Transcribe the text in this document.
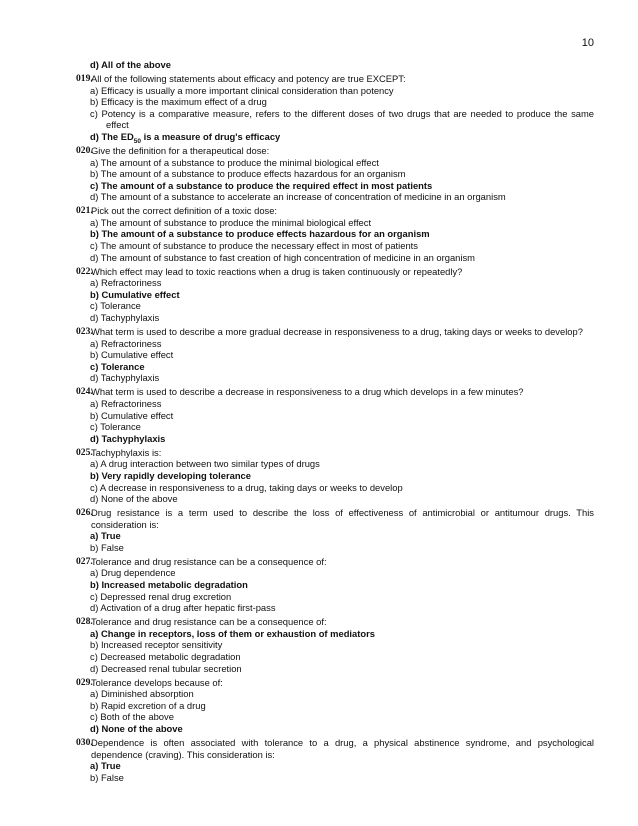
10
d) All of the above
019.
All of the following statements about efficacy and potency are true EXCEPT:
a) Efficacy is usually a more important clinical consideration than potency
b) Efficacy is the maximum effect of a drug
c) Potency is a comparative measure, refers to the different doses of two drugs that are needed to produce the same effect
d) The $ED_{50}$ is a measure of drug's efficacy
020.
Give the definition for a therapeutical dose:
a) The amount of a substance to produce the minimal biological effect
b) The amount of a substance to produce effects hazardous for an organism
c) The amount of a substance to produce the required effect in most patients
d) The amount of a substance to accelerate an increase of concentration of medicine in an organism
021.
Pick out the correct definition of a toxic dose:
a) The amount of substance to produce the minimal biological effect
b) The amount of a substance to produce effects hazardous for an organism
c) The amount of substance to produce the necessary effect in most of patients
d) The amount of substance to fast creation of high concentration of medicine in an organism
022.
Which effect may lead to toxic reactions when a drug is taken continuously or repeatedly?
a) Refractoriness
b) Cumulative effect
c) Tolerance
d) Tachyphylaxis
023.
What term is used to describe a more gradual decrease in responsiveness to a drug, taking days or weeks to develop?
a) Refractoriness
b) Cumulative effect
c) Tolerance
d) Tachyphylaxis
024.
What term is used to describe a decrease in responsiveness to a drug which develops in a few minutes?
a) Refractoriness
b) Cumulative effect
c) Tolerance
d) Tachyphylaxis
025.
Tachyphylaxis is:
a) A drug interaction between two similar types of drugs
b) Very rapidly developing tolerance
c) A decrease in responsiveness to a drug, taking days or weeks to develop
d) None of the above
026.
Drug resistance is a term used to describe the loss of effectiveness of antimicrobial or antitumour drugs. This consideration is:
a) True
b) False
027.
Tolerance and drug resistance can be a consequence of:
a) Drug dependence
b) Increased metabolic degradation
c) Depressed renal drug excretion
d) Activation of a drug after hepatic first-pass
028.
Tolerance and drug resistance can be a consequence of:
a) Change in receptors, loss of them or exhaustion of mediators
b) Increased receptor sensitivity
c) Decreased metabolic degradation
d) Decreased renal tubular secretion
029.
Tolerance develops because of:
a) Diminished absorption
b) Rapid excretion of a drug
c) Both of the above
d) None of the above
030.
Dependence is often associated with tolerance to a drug, a physical abstinence syndrome, and psychological dependence (craving). This consideration is:
a) True
b) False
